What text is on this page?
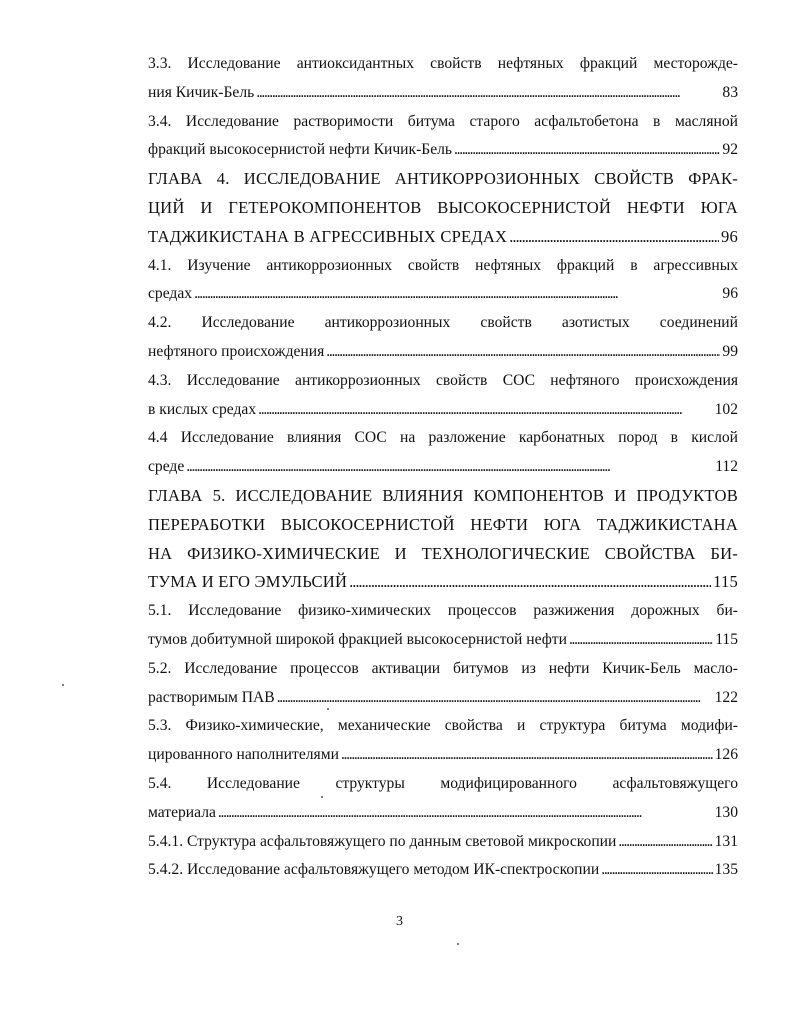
3.3. Исследование антиоксидантных свойств нефтяных фракций месторожде-
ния Кичик-Бель . . .	83
3.4. Исследование растворимости битума старого асфальтобетона в масляной
фракций высокосернистой нефти Кичик-Бель . . .	92
ГЛАВА 4. ИССЛЕДОВАНИЕ АНТИКОРРОЗИОННЫХ СВОЙСТВ ФРАК-
ЦИЙ И ГЕТЕРОКОМПОНЕНТОВ ВЫСОКОСЕРНИСТОЙ НЕФТИ ЮГА
ТАДЖИКИСТАНА В АГРЕССИВНЫХ СРЕДАХ . . .	96
4.1. Изучение антикоррозионных свойств нефтяных фракций в агрессивных
средах . . .	96
4.2. Исследование антикоррозионных свойств азотистых соединений
нефтяного происхождения . . .	99
4.3. Исследование антикоррозионных свойств СОС нефтяного происхождения
в кислых средах . . .	102
4.4 Исследование влияния СОС на разложение карбонатных пород в кислой
среде . . .	112
ГЛАВА 5. ИССЛЕДОВАНИЕ ВЛИЯНИЯ КОМПОНЕНТОВ И ПРОДУКТОВ
ПЕРЕРАБОТКИ ВЫСОКОСЕРНИСТОЙ НЕФТИ ЮГА ТАДЖИКИСТАНА
НА ФИЗИКО-ХИМИЧЕСКИЕ И ТЕХНОЛОГИЧЕСКИЕ СВОЙСТВА БИ-
ТУМА И ЕГО ЭМУЛЬСИЙ . . .	115
5.1. Исследование физико-химических процессов разжижения дорожных би-
тумов добитумной широкой фракцией высокосернистой нефти . . .	115
5.2. Исследование процессов активации битумов из нефти Кичик-Бель масло-
растворимым ПАВ . . .	122
5.3. Физико-химические, механические свойства и структура битума модифи-
цированного наполнителями . . .	126
5.4. Исследование структуры модифицированного асфальтовяжущего
материала . . .	130
5.4.1. Структура асфальтовяжущего по данным световой микроскопии . . .	131
5.4.2. Исследование асфальтовяжущего методом ИК-спектроскопии . . .	135
3
